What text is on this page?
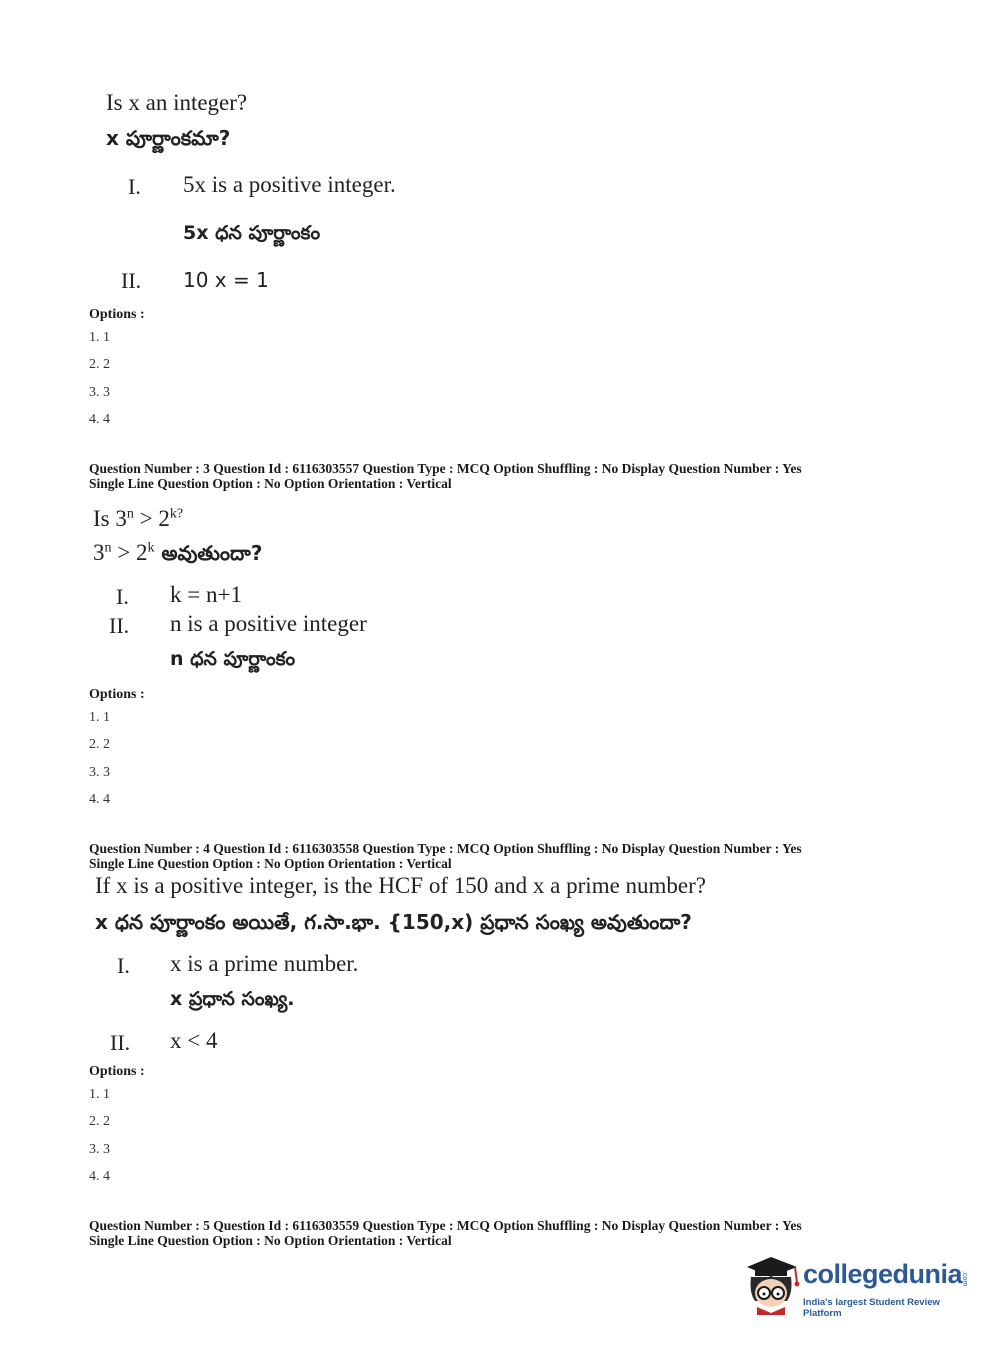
Is x an integer?
x పూర్ణాంకమా?
I. 5x is a positive integer.
5x ధన పూర్ణాంకం
II. 10 x = 1
Options :
1. 1
2. 2
3. 3
4. 4
Question Number : 3 Question Id : 6116303557 Question Type : MCQ Option Shuffling : No Display Question Number : Yes
Single Line Question Option : No Option Orientation : Vertical
Is $3^n > 2^{k?}$
$3^n > 2^k$ అవుతుందా?
I. k = n+1
II. n is a positive integer
n ధన పూర్ణాంకం
Options :
1. 1
2. 2
3. 3
4. 4
Question Number : 4 Question Id : 6116303558 Question Type : MCQ Option Shuffling : No Display Question Number : Yes
Single Line Question Option : No Option Orientation : Vertical
If x is a positive integer, is the HCF of 150 and x a prime number?
x ధన పూర్ణాంకం అయితే, గ.సా.భా. {150,x) ప్రధాన సంఖ్య అవుతుందా?
I. x is a prime number.
x ప్రధాన సంఖ్య.
II. x < 4
Options :
1. 1
2. 2
3. 3
4. 4
Question Number : 5 Question Id : 6116303559 Question Type : MCQ Option Shuffling : No Display Question Number : Yes
Single Line Question Option : No Option Orientation : Vertical
collegedunia
.com
India's largest Student Review Platform
